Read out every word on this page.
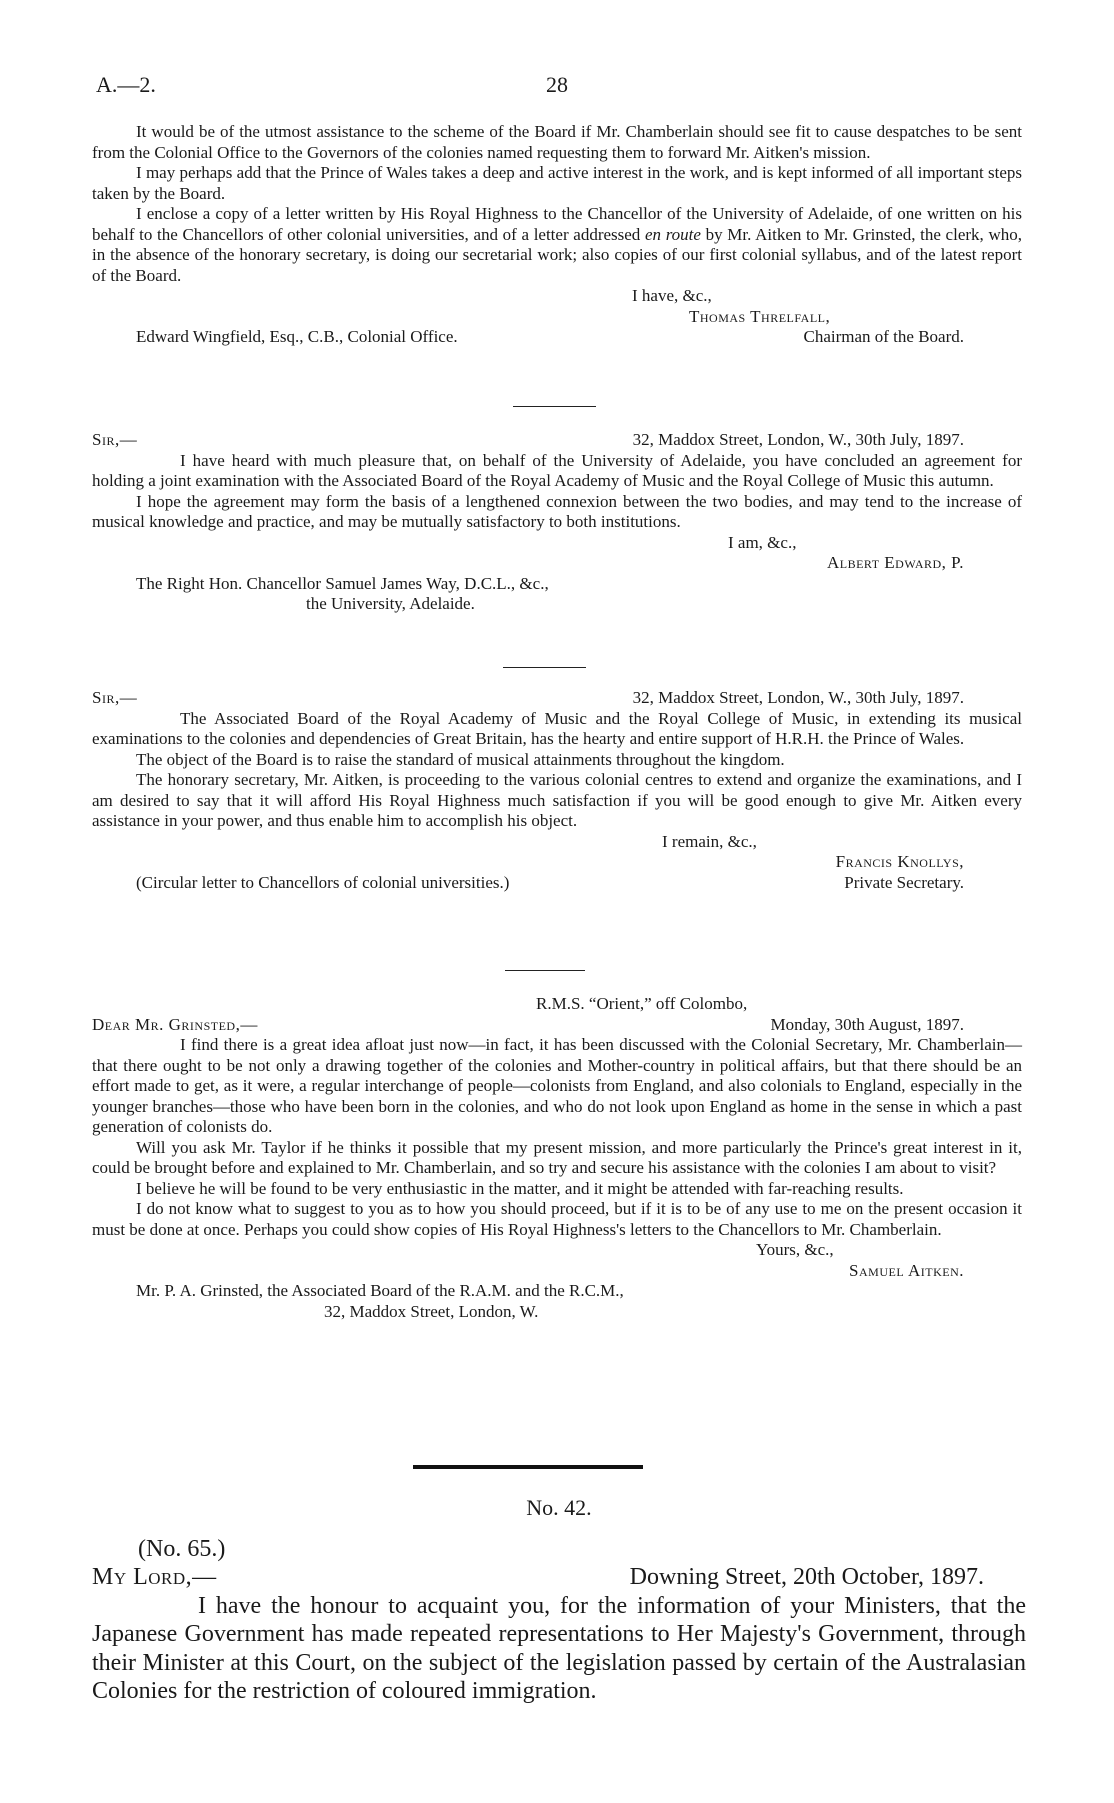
A.—2.	28

It would be of the utmost assistance to the scheme of the Board if Mr. Chamberlain should see fit to cause despatches to be sent from the Colonial Office to the Governors of the colonies named requesting them to forward Mr. Aitken's mission.

I may perhaps add that the Prince of Wales takes a deep and active interest in the work, and is kept informed of all important steps taken by the Board.

I enclose a copy of a letter written by His Royal Highness to the Chancellor of the University of Adelaide, of one written on his behalf to the Chancellors of other colonial universities, and of a letter addressed en route by Mr. Aitken to Mr. Grinsted, the clerk, who, in the absence of the honorary secretary, is doing our secretarial work; also copies of our first colonial syllabus, and of the latest report of the Board.

I have, &c.,
Thomas Threlfall,
Edward Wingfield, Esq., C.B., Colonial Office.	Chairman of the Board.
Sir,—	32, Maddox Street, London, W., 30th July, 1897.

I have heard with much pleasure that, on behalf of the University of Adelaide, you have concluded an agreement for holding a joint examination with the Associated Board of the Royal Academy of Music and the Royal College of Music this autumn.

I hope the agreement may form the basis of a lengthened connexion between the two bodies, and may tend to the increase of musical knowledge and practice, and may be mutually satisfactory to both institutions.

I am, &c.,
Albert Edward, P.
The Right Hon. Chancellor Samuel James Way, D.C.L., &c.,
the University, Adelaide.
Sir,—	32, Maddox Street, London, W., 30th July, 1897.

The Associated Board of the Royal Academy of Music and the Royal College of Music, in extending its musical examinations to the colonies and dependencies of Great Britain, has the hearty and entire support of H.R.H. the Prince of Wales.

The object of the Board is to raise the standard of musical attainments throughout the kingdom.

The honorary secretary, Mr. Aitken, is proceeding to the various colonial centres to extend and organize the examinations, and I am desired to say that it will afford His Royal Highness much satisfaction if you will be good enough to give Mr. Aitken every assistance in your power, and thus enable him to accomplish his object.

I remain, &c.,
Francis Knollys,
(Circular letter to Chancellors of colonial universities.)	Private Secretary.
R.M.S. “Orient,” off Colombo,
Dear Mr. Grinsted,—	Monday, 30th August, 1897.

I find there is a great idea afloat just now—in fact, it has been discussed with the Colonial Secretary, Mr. Chamberlain—that there ought to be not only a drawing together of the colonies and Mother-country in political affairs, but that there should be an effort made to get, as it were, a regular interchange of people—colonists from England, and also colonials to England, especially in the younger branches—those who have been born in the colonies, and who do not look upon England as home in the sense in which a past generation of colonists do.

Will you ask Mr. Taylor if he thinks it possible that my present mission, and more particularly the Prince's great interest in it, could be brought before and explained to Mr. Chamberlain, and so try and secure his assistance with the colonies I am about to visit?

I believe he will be found to be very enthusiastic in the matter, and it might be attended with far-reaching results.

I do not know what to suggest to you as to how you should proceed, but if it is to be of any use to me on the present occasion it must be done at once. Perhaps you could show copies of His Royal Highness's letters to the Chancellors to Mr. Chamberlain.

Yours, &c.,
Samuel Aitken.
Mr. P. A. Grinsted, the Associated Board of the R.A.M. and the R.C.M.,
32, Maddox Street, London, W.
No. 42.
(No. 65.)
My Lord,—	Downing Street, 20th October, 1897.

I have the honour to acquaint you, for the information of your Ministers, that the Japanese Government has made repeated representations to Her Majesty's Government, through their Minister at this Court, on the subject of the legislation passed by certain of the Australasian Colonies for the restriction of coloured immigration.
